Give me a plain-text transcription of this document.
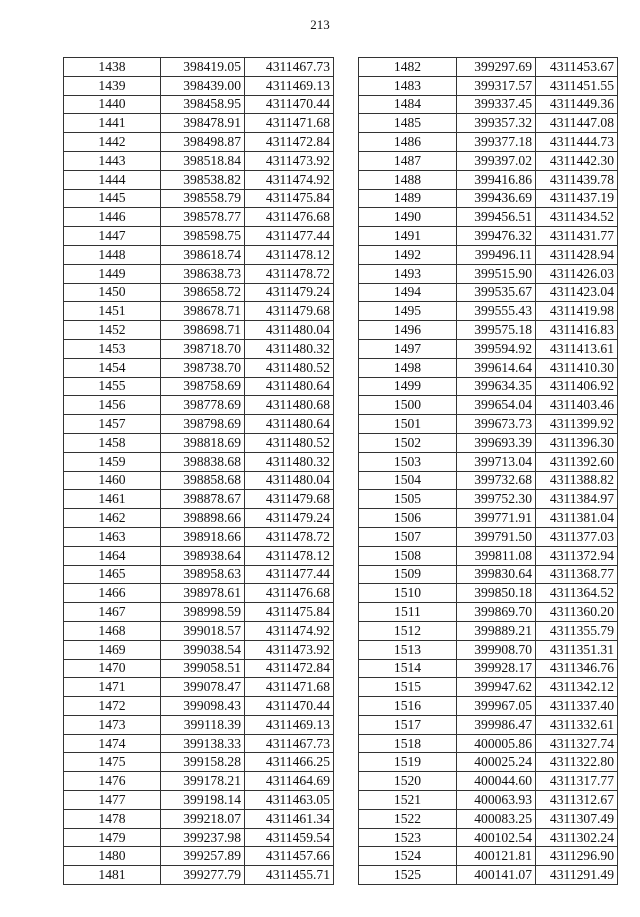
213
1438	398419.05	4311467.73
1439	398439.00	4311469.13
1440	398458.95	4311470.44
1441	398478.91	4311471.68
1442	398498.87	4311472.84
1443	398518.84	4311473.92
1444	398538.82	4311474.92
1445	398558.79	4311475.84
1446	398578.77	4311476.68
1447	398598.75	4311477.44
1448	398618.74	4311478.12
1449	398638.73	4311478.72
1450	398658.72	4311479.24
1451	398678.71	4311479.68
1452	398698.71	4311480.04
1453	398718.70	4311480.32
1454	398738.70	4311480.52
1455	398758.69	4311480.64
1456	398778.69	4311480.68
1457	398798.69	4311480.64
1458	398818.69	4311480.52
1459	398838.68	4311480.32
1460	398858.68	4311480.04
1461	398878.67	4311479.68
1462	398898.66	4311479.24
1463	398918.66	4311478.72
1464	398938.64	4311478.12
1465	398958.63	4311477.44
1466	398978.61	4311476.68
1467	398998.59	4311475.84
1468	399018.57	4311474.92
1469	399038.54	4311473.92
1470	399058.51	4311472.84
1471	399078.47	4311471.68
1472	399098.43	4311470.44
1473	399118.39	4311469.13
1474	399138.33	4311467.73
1475	399158.28	4311466.25
1476	399178.21	4311464.69
1477	399198.14	4311463.05
1478	399218.07	4311461.34
1479	399237.98	4311459.54
1480	399257.89	4311457.66
1481	399277.79	4311455.71
1482	399297.69	4311453.67
1483	399317.57	4311451.55
1484	399337.45	4311449.36
1485	399357.32	4311447.08
1486	399377.18	4311444.73
1487	399397.02	4311442.30
1488	399416.86	4311439.78
1489	399436.69	4311437.19
1490	399456.51	4311434.52
1491	399476.32	4311431.77
1492	399496.11	4311428.94
1493	399515.90	4311426.03
1494	399535.67	4311423.04
1495	399555.43	4311419.98
1496	399575.18	4311416.83
1497	399594.92	4311413.61
1498	399614.64	4311410.30
1499	399634.35	4311406.92
1500	399654.04	4311403.46
1501	399673.73	4311399.92
1502	399693.39	4311396.30
1503	399713.04	4311392.60
1504	399732.68	4311388.82
1505	399752.30	4311384.97
1506	399771.91	4311381.04
1507	399791.50	4311377.03
1508	399811.08	4311372.94
1509	399830.64	4311368.77
1510	399850.18	4311364.52
1511	399869.70	4311360.20
1512	399889.21	4311355.79
1513	399908.70	4311351.31
1514	399928.17	4311346.76
1515	399947.62	4311342.12
1516	399967.05	4311337.40
1517	399986.47	4311332.61
1518	400005.86	4311327.74
1519	400025.24	4311322.80
1520	400044.60	4311317.77
1521	400063.93	4311312.67
1522	400083.25	4311307.49
1523	400102.54	4311302.24
1524	400121.81	4311296.90
1525	400141.07	4311291.49
